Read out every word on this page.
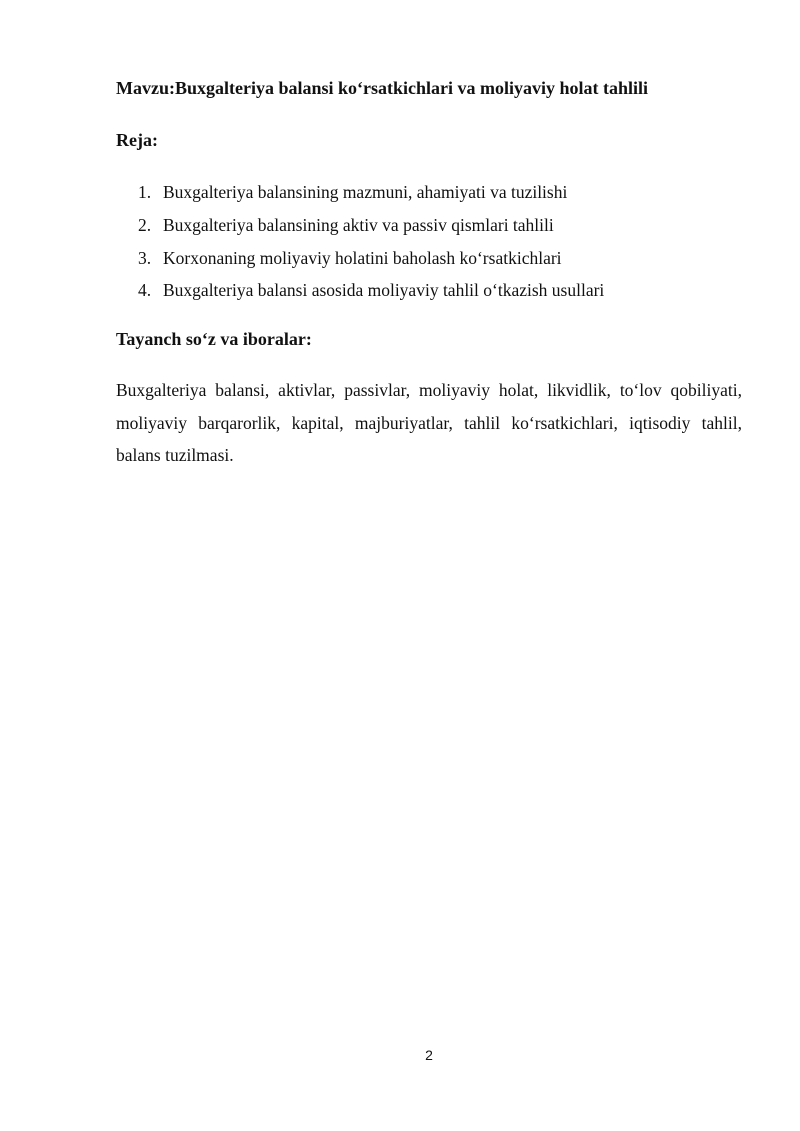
Mavzu:Buxgalteriya balansi ko‘rsatkichlari va moliyaviy holat tahlili
Reja:
1. Buxgalteriya balansining mazmuni, ahamiyati va tuzilishi
2. Buxgalteriya balansining aktiv va passiv qismlari tahlili
3. Korxonaning moliyaviy holatini baholash ko‘rsatkichlari
4. Buxgalteriya balansi asosida moliyaviy tahlil o‘tkazish usullari
Tayanch so‘z va iboralar:

Buxgalteriya balansi, aktivlar, passivlar, moliyaviy holat, likvidlik, to‘lov qobiliyati, moliyaviy barqarorlik, kapital, majburiyatlar, tahlil ko‘rsatkichlari, iqtisodiy tahlil, balans tuzilmasi.

2
